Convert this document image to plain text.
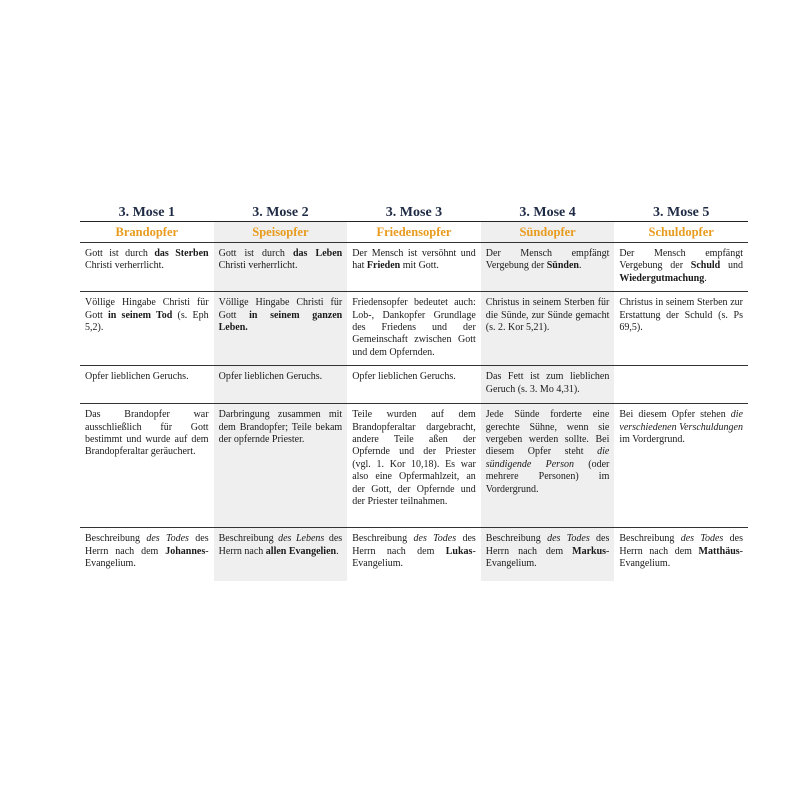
3. Mose 1	3. Mose 2	3. Mose 3	3. Mose 4	3. Mose 5
Brandopfer	Speisopfer	Friedensopfer	Sündopfer	Schuldopfer
Gott ist durch das Sterben Christi verherrlicht.	Gott ist durch das Leben Christi verherrlicht.	Der Mensch ist versöhnt und hat Frieden mit Gott.	Der Mensch empfängt Vergebung der Sünden.	Der Mensch empfängt Vergebung der Schuld und Wiedergutmachung.
Völlige Hingabe Christi für Gott in seinem Tod (s. Eph 5,2).	Völlige Hingabe Christi für Gott in seinem ganzen Leben.	Friedensopfer bedeutet auch: Lob-, Dankopfer Grundlage des Friedens und der Gemeinschaft zwischen Gott und dem Opfernden.	Christus in seinem Sterben für die Sünde, zur Sünde gemacht (s. 2. Kor 5,21).	Christus in seinem Sterben zur Erstattung der Schuld (s. Ps 69,5).
Opfer lieblichen Geruchs.	Opfer lieblichen Geruchs.	Opfer lieblichen Geruchs.	Das Fett ist zum lieblichen Geruch (s. 3. Mo 4,31).	
Das Brandopfer war ausschließlich für Gott bestimmt und wurde auf dem Brandopferaltar geräuchert.	Darbringung zusammen mit dem Brandopfer; Teile bekam der opfernde Priester.	Teile wurden auf dem Brandopferaltar dargebracht, andere Teile aßen der Opfernde und der Priester (vgl. 1. Kor 10,18). Es war also eine Opfermahlzeit, an der Gott, der Opfernde und der Priester teilnahmen.	Jede Sünde forderte eine gerechte Sühne, wenn sie vergeben werden sollte. Bei diesem Opfer steht die sündigende Person (oder mehrere Personen) im Vordergrund.	Bei diesem Opfer stehen die verschiedenen Verschuldungen im Vordergrund.
Beschreibung des Todes des Herrn nach dem Johannes-Evangelium.	Beschreibung des Lebens des Herrn nach allen Evangelien.	Beschreibung des Todes des Herrn nach dem Lukas-Evangelium.	Beschreibung des Todes des Herrn nach dem Markus-Evangelium.	Beschreibung des Todes des Herrn nach dem Matthäus-Evangelium.
